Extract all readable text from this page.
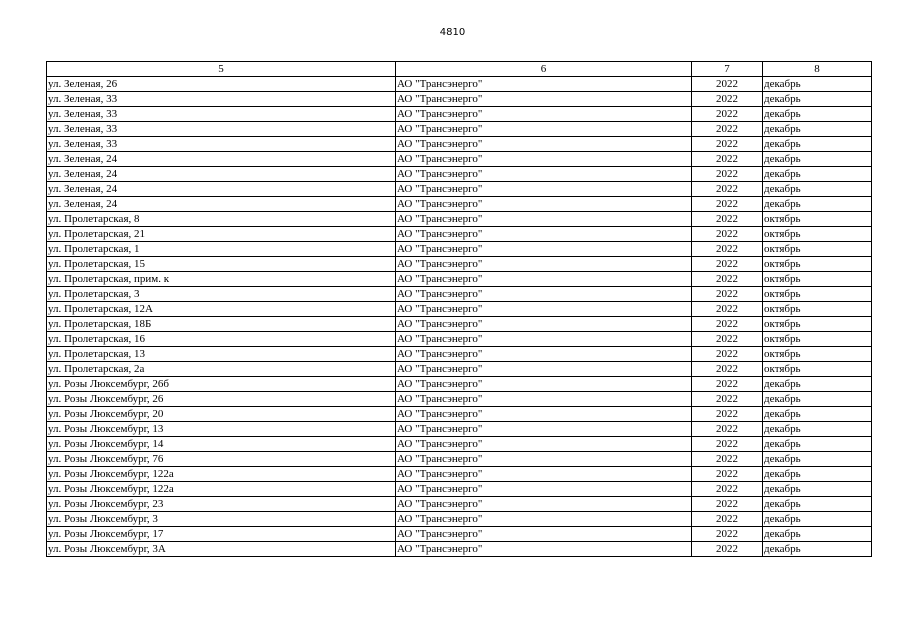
4810
5	6	7	8
ул. Зеленая, 26	АО "Трансэнерго"	2022	декабрь
ул. Зеленая, 33	АО "Трансэнерго"	2022	декабрь
ул. Зеленая, 33	АО "Трансэнерго"	2022	декабрь
ул. Зеленая, 33	АО "Трансэнерго"	2022	декабрь
ул. Зеленая, 33	АО "Трансэнерго"	2022	декабрь
ул. Зеленая, 24	АО "Трансэнерго"	2022	декабрь
ул. Зеленая, 24	АО "Трансэнерго"	2022	декабрь
ул. Зеленая, 24	АО "Трансэнерго"	2022	декабрь
ул. Зеленая, 24	АО "Трансэнерго"	2022	декабрь
ул. Пролетарская, 8	АО "Трансэнерго"	2022	октябрь
ул. Пролетарская, 21	АО "Трансэнерго"	2022	октябрь
ул. Пролетарская, 1	АО "Трансэнерго"	2022	октябрь
ул. Пролетарская, 15	АО "Трансэнерго"	2022	октябрь
ул. Пролетарская, прим. к	АО "Трансэнерго"	2022	октябрь
ул. Пролетарская, 3	АО "Трансэнерго"	2022	октябрь
ул. Пролетарская, 12А	АО "Трансэнерго"	2022	октябрь
ул. Пролетарская, 18Б	АО "Трансэнерго"	2022	октябрь
ул. Пролетарская, 16	АО "Трансэнерго"	2022	октябрь
ул. Пролетарская, 13	АО "Трансэнерго"	2022	октябрь
ул. Пролетарская, 2а	АО "Трансэнерго"	2022	октябрь
ул. Розы Люксембург, 26б	АО "Трансэнерго"	2022	декабрь
ул. Розы Люксембург, 26	АО "Трансэнерго"	2022	декабрь
ул. Розы Люксембург, 20	АО "Трансэнерго"	2022	декабрь
ул. Розы Люксембург, 13	АО "Трансэнерго"	2022	декабрь
ул. Розы Люксембург, 14	АО "Трансэнерго"	2022	декабрь
ул. Розы Люксембург, 76	АО "Трансэнерго"	2022	декабрь
ул. Розы Люксембург, 122а	АО "Трансэнерго"	2022	декабрь
ул. Розы Люксембург, 122а	АО "Трансэнерго"	2022	декабрь
ул. Розы Люксембург, 23	АО "Трансэнерго"	2022	декабрь
ул. Розы Люксембург, 3	АО "Трансэнерго"	2022	декабрь
ул. Розы Люксембург, 17	АО "Трансэнерго"	2022	декабрь
ул. Розы Люксембург, 3А	АО "Трансэнерго"	2022	декабрь
